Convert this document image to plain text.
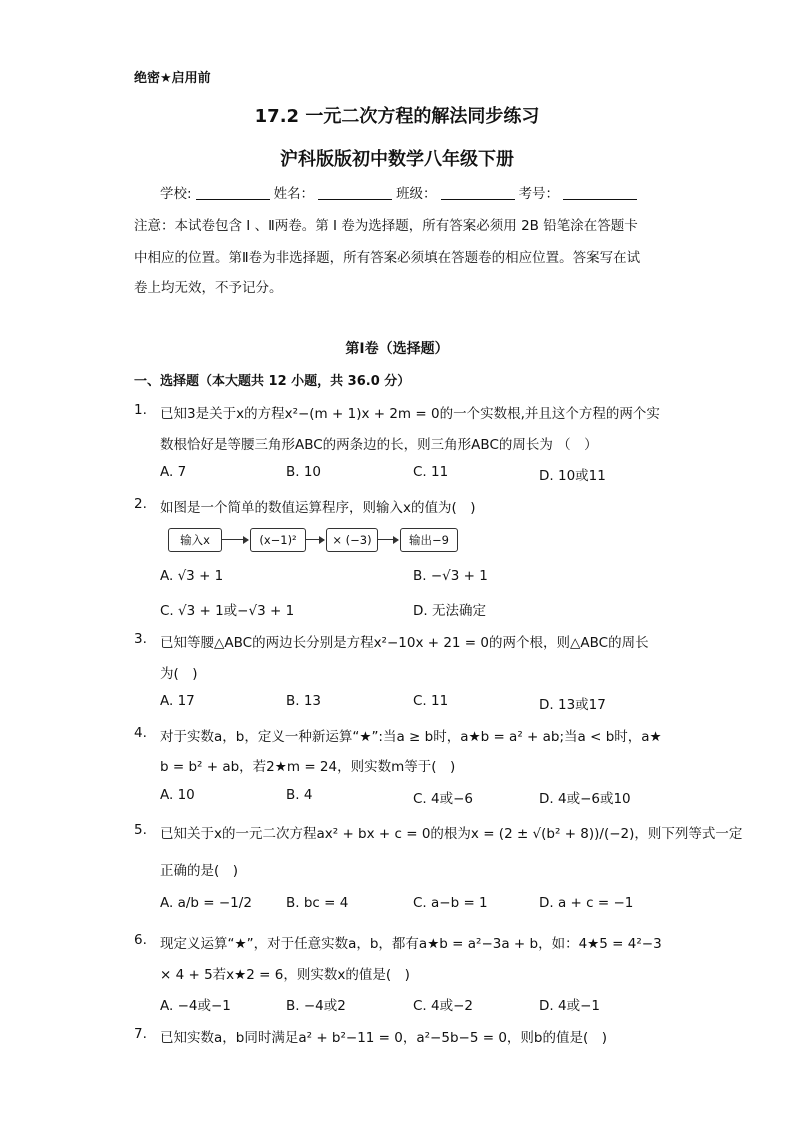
绝密★启用前
17.2 一元二次方程的解法同步练习
沪科版版初中数学八年级下册
学校:	姓名：	班级：	考号：
注意：本试卷包含 Ⅰ 、Ⅱ两卷。第 Ⅰ 卷为选择题，所有答案必须用 2B 铅笔涂在答题卡
中相应的位置。第Ⅱ卷为非选择题，所有答案必须填在答题卷的相应位置。答案写在试
卷上均无效，不予记分。
第Ⅰ卷（选择题）
一、选择题（本大题共 12 小题，共 36.0 分）
1. 已知3是关于x的方程x²−(m + 1)x + 2m = 0的一个实数根,并且这个方程的两个实
数根恰好是等腰三角形ABC的两条边的长，则三角形ABC的周长为 （　）
A. 7	B. 10	C. 11	D. 10或11
2. 如图是一个简单的数值运算程序，则输入x的值为(　)
输入x	(x−1)²	× (−3)	输出−9
A. √3 + 1	B. −√3 + 1
C. √3 + 1或−√3 + 1	D. 无法确定
3. 已知等腰△ABC的两边长分别是方程x²−10x + 21 = 0的两个根，则△ABC的周长
为(　)
A. 17	B. 13	C. 11	D. 13或17
4. 对于实数a，b，定义一种新运算“★”:当a ≥ b时，a★b = a² + ab;当a < b时，a★
b = b² + ab，若2★m = 24，则实数m等于(　)
A. 10	B. 4	C. 4或−6	D. 4或−6或10
5. 已知关于x的一元二次方程ax² + bx + c = 0的根为x = (2 ± √(b² + 8))/(−2)，则下列等式一定
正确的是(　)
A. a/b = −1/2	B. bc = 4	C. a−b = 1	D. a + c = −1
6. 现定义运算“★”，对于任意实数a，b，都有a★b = a²−3a + b，如：4★5 = 4²−3
× 4 + 5若x★2 = 6，则实数x的值是(　)
A. −4或−1	B. −4或2	C. 4或−2	D. 4或−1
7. 已知实数a，b同时满足a² + b²−11 = 0，a²−5b−5 = 0，则b的值是(　)
